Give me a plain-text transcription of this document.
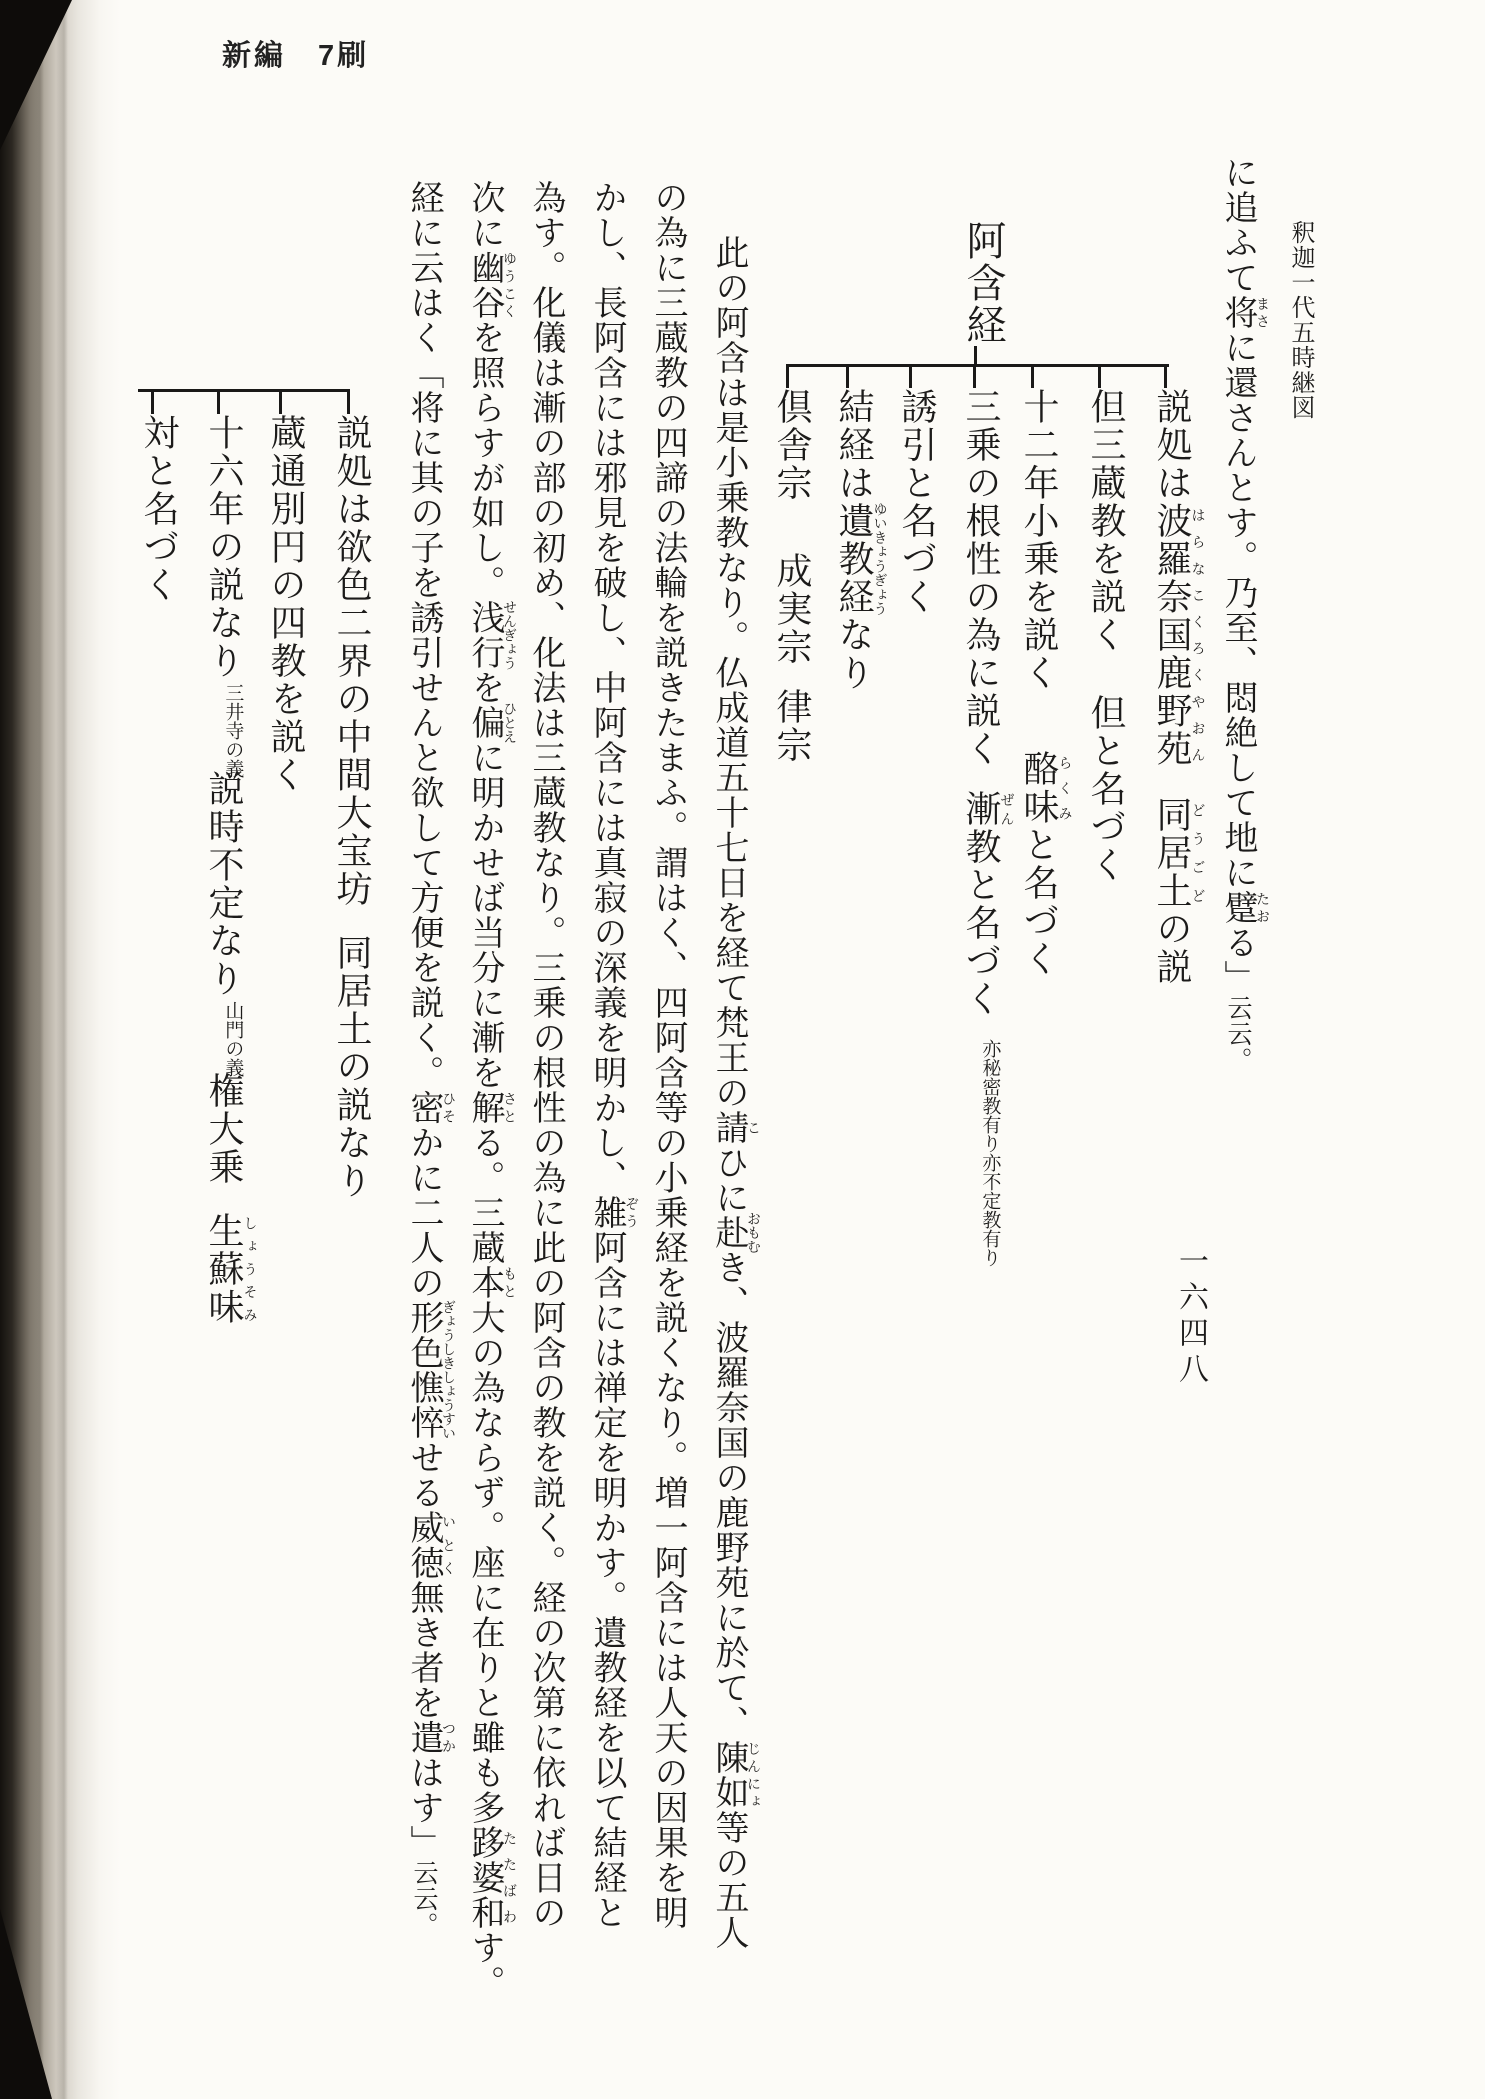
新編　7刷
釈迦一代五時継図
に追ふて将まさに還さんとす。乃至、悶絶して地に躄たおる」云云。
阿含経
説処は波羅奈国鹿野苑はらなこくろくやおん同居土どうごどの説
但三蔵教を説く但と名づく
十二年小乗を説く酪味らくみと名づく
三乗の根性の為に説く漸ぜん教と名づく亦秘密教有り亦不定教有り
誘引と名づく
結経は遺教経ゆいきょうぎょうなり
倶舎宗成実宗律宗
此の阿含は是小乗教なり。仏成道五十七日を経て梵王の請こひに赴おもむき、波羅奈国の鹿野苑に於て、陳如じんにょ等の五人
の為に三蔵教の四諦の法輪を説きたまふ。謂はく、四阿含等の小乗経を説くなり。増一阿含には人天の因果を明
かし、長阿含には邪見を破し、中阿含には真寂の深義を明かし、雑ぞう阿含には禅定を明かす。遺教経を以て結経と
為す。化儀は漸の部の初め、化法は三蔵教なり。三乗の根性の為に此の阿含の教を説く。経の次第に依れば日の
次に幽谷ゆうこくを照らすが如し。浅行せんぎょうを偏ひとえに明かせば当分に漸を解さとる。三蔵本もと大の為ならず。座に在りと雖も多跢婆和たたばわす。
経に云はく「将に其の子を誘引せんと欲して方便を説く。密ひそかに二人の形色憔悴ぎょうしきしょうすいせる威徳いとく無き者を遣つかはす」云云。
説処は欲色二界の中間大宝坊同居土の説なり
蔵通別円の四教を説く
十六年の説なり三井寺の義説時不定なり山門の義権大乗生蘇味しょうそみ
対と名づく
一六四八
